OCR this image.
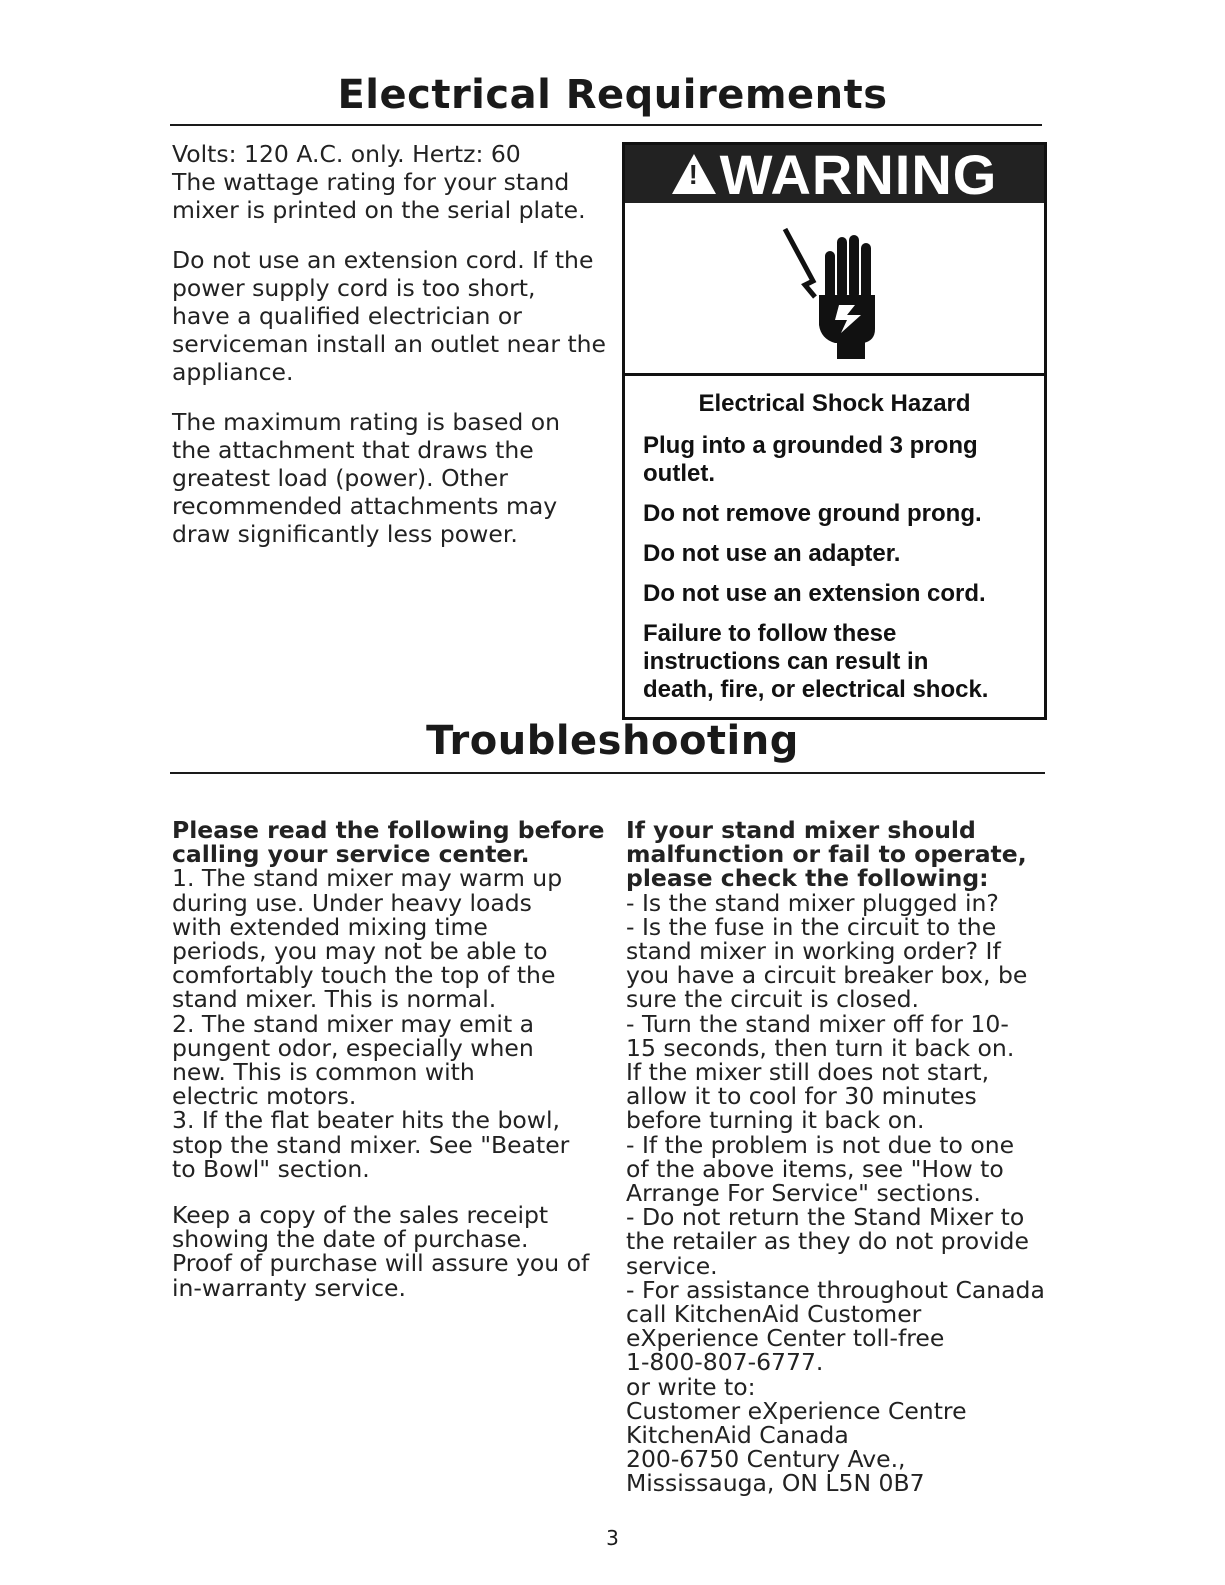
Electrical Requirements

Volts: 120 A.C. only. Hertz: 60
The wattage rating for your stand
mixer is printed on the serial plate.

Do not use an extension cord. If the
power supply cord is too short,
have a qualified electrician or
serviceman install an outlet near the
appliance.

The maximum rating is based on
the attachment that draws the
greatest load (power). Other
recommended attachments may
draw significantly less power.

!
WARNING
Electrical Shock Hazard
Plug into a grounded 3 prong
outlet.
Do not remove ground prong.
Do not use an adapter.
Do not use an extension cord.
Failure to follow these
instructions can result in
death, fire, or electrical shock.
Troubleshooting

Please read the following before
calling your service center.

1. The stand mixer may warm up
during use. Under heavy loads
with extended mixing time
periods, you may not be able to
comfortably touch the top of the
stand mixer. This is normal.
2. The stand mixer may emit a
pungent odor, especially when
new. This is common with
electric motors.
3. If the flat beater hits the bowl,
stop the stand mixer. See "Beater
to Bowl" section.

Keep a copy of the sales receipt
showing the date of purchase.
Proof of purchase will assure you of
in-warranty service.

If your stand mixer should
malfunction or fail to operate,
please check the following:

- Is the stand mixer plugged in?
- Is the fuse in the circuit to the
stand mixer in working order? If
you have a circuit breaker box, be
sure the circuit is closed.
- Turn the stand mixer off for 10-
15 seconds, then turn it back on.
If the mixer still does not start,
allow it to cool for 30 minutes
before turning it back on.
- If the problem is not due to one
of the above items, see "How to
Arrange For Service" sections.
- Do not return the Stand Mixer to
the retailer as they do not provide
service.
- For assistance throughout Canada
call KitchenAid Customer
eXperience Center toll-free
1-800-807-6777.
or write to:
Customer eXperience Centre
KitchenAid Canada
200-6750 Century Ave.,
Mississauga, ON L5N 0B7
3
